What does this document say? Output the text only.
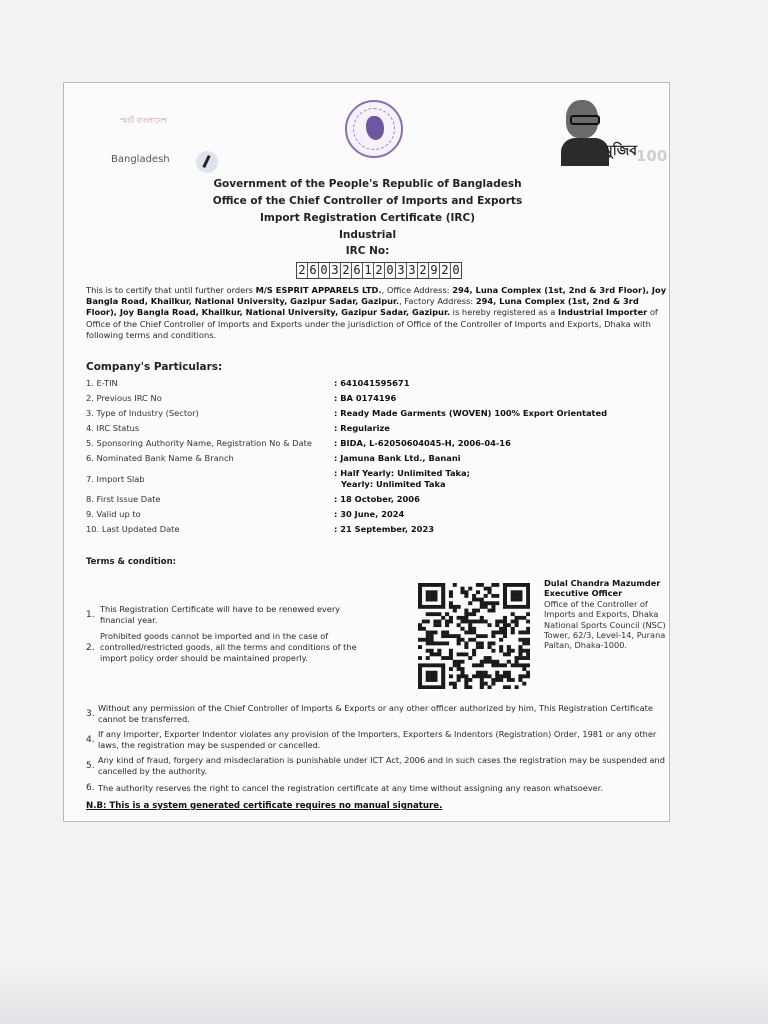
স্মার্ট বাংলাদেশ
Bangladesh
মুজিব
100
Government of the People's Republic of Bangladesh
Office of the Chief Controller of Imports and Exports
Import Registration Certificate (IRC)
Industrial
IRC No:
2 6 0 3 2 6 1 2 0 3 3 2 9 2 0
This is to certify that until further orders M/S ESPRIT APPARELS LTD., Office Address: 294, Luna Complex (1st, 2nd & 3rd Floor), Joy Bangla Road, Khailkur, National University, Gazipur Sadar, Gazipur., Factory Address: 294, Luna Complex (1st, 2nd & 3rd Floor), Joy Bangla Road, Khailkur, National University, Gazipur Sadar, Gazipur. is hereby registered as a Industrial Importer of Office of the Chief Controller of Imports and Exports under the jurisdiction of Office of the Controller of Imports and Exports, Dhaka with following terms and conditions.
Company's Particulars:
1. E-TIN	: 641041595671
2. Previous IRC No	: BA 0174196
3. Type of Industry (Sector)	: Ready Made Garments (WOVEN) 100% Export Orientated
4. IRC Status	: Regularize
5. Sponsoring Authority Name, Registration No & Date	: BIDA, L-62050604045-H, 2006-04-16
6. Nominated Bank Name & Branch	: Jamuna Bank Ltd., Banani
7. Import Slab
: Half Yearly: Unlimited Taka;
Yearly: Unlimited Taka
8. First Issue Date	: 18 October, 2006
9. Valid up to	: 30 June, 2024
10. Last Updated Date	: 21 September, 2023
Terms & condition:
1.
This Registration Certificate will have to be renewed every financial year.
2.
Prohibited goods cannot be imported and in the case of controlled/restricted goods, all the terms and conditions of the import policy order should be maintained properly.
3.
Without any permission of the Chief Controller of Imports & Exports or any other officer authorized by him, This Registration Certificate cannot be transferred.
4.
If any Importer, Exporter Indentor violates any provision of the Importers, Exporters & Indentors (Registration) Order, 1981 or any other laws, the registration may be suspended or cancelled.
5.
Any kind of fraud, forgery and misdeclaration is punishable under ICT Act, 2006 and in such cases the registration may be suspended and cancelled by the authority.
6. The authority reserves the right to cancel the registration certificate at any time without assigning any reason whatsoever.
Dulal Chandra Mazumder
Executive Officer
Office of the Controller of Imports and Exports, Dhaka
National Sports Council (NSC) Tower, 62/3, Level-14, Purana Paltan, Dhaka-1000.
N.B: This is a system generated certificate requires no manual signature.
